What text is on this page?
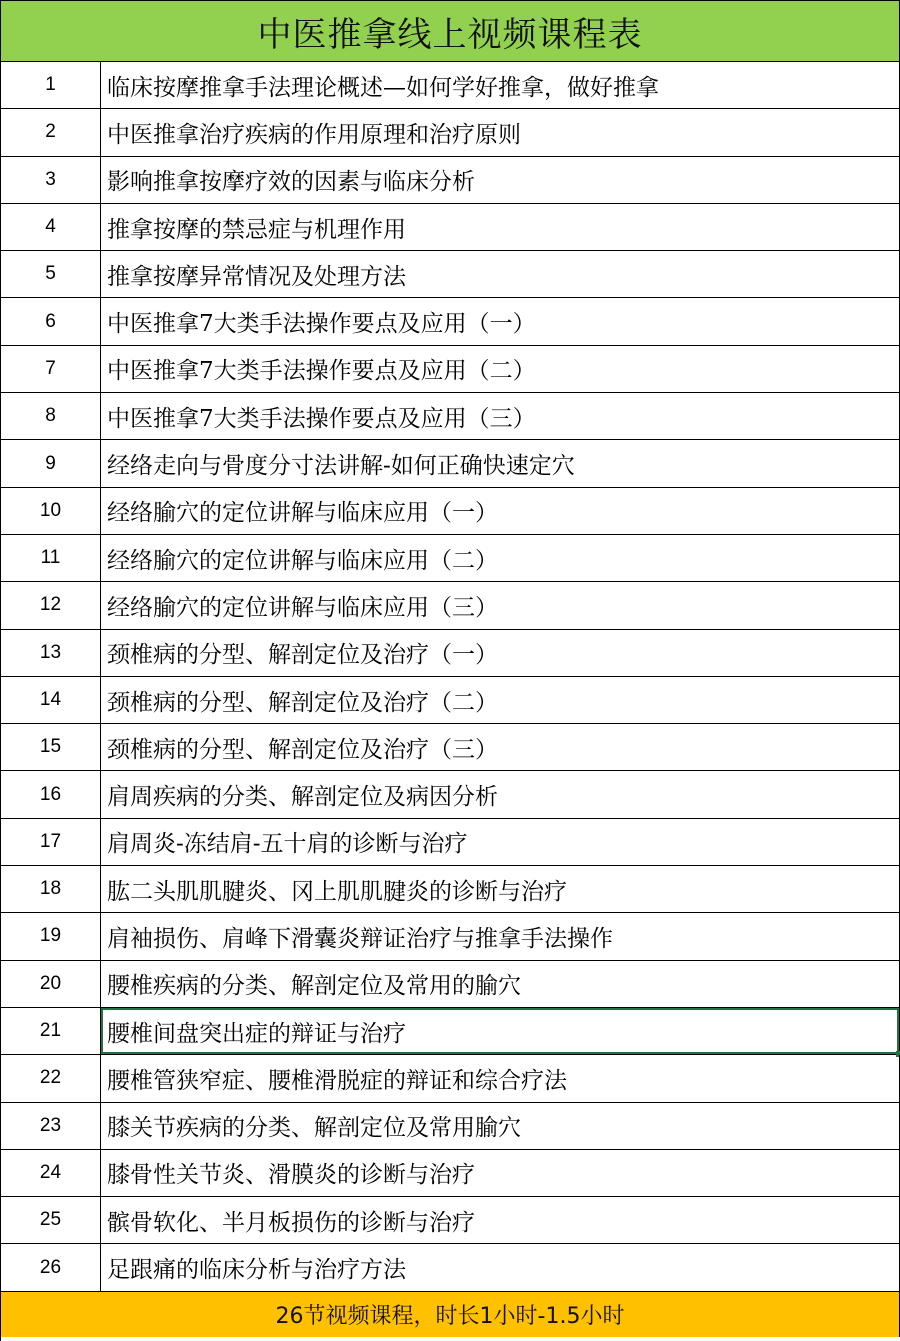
中医推拿线上视频课程表
1	临床按摩推拿手法理论概述—如何学好推拿，做好推拿
2	中医推拿治疗疾病的作用原理和治疗原则
3	影响推拿按摩疗效的因素与临床分析
4	推拿按摩的禁忌症与机理作用
5	推拿按摩异常情况及处理方法
6	中医推拿7大类手法操作要点及应用（一）
7	中医推拿7大类手法操作要点及应用（二）
8	中医推拿7大类手法操作要点及应用（三）
9	经络走向与骨度分寸法讲解-如何正确快速定穴
10	经络腧穴的定位讲解与临床应用（一）
11	经络腧穴的定位讲解与临床应用（二）
12	经络腧穴的定位讲解与临床应用（三）
13	颈椎病的分型、解剖定位及治疗（一）
14	颈椎病的分型、解剖定位及治疗（二）
15	颈椎病的分型、解剖定位及治疗（三）
16	肩周疾病的分类、解剖定位及病因分析
17	肩周炎-冻结肩-五十肩的诊断与治疗
18	肱二头肌肌腱炎、冈上肌肌腱炎的诊断与治疗
19	肩袖损伤、肩峰下滑囊炎辩证治疗与推拿手法操作
20	腰椎疾病的分类、解剖定位及常用的腧穴
21	腰椎间盘突出症的辩证与治疗
22	腰椎管狭窄症、腰椎滑脱症的辩证和综合疗法
23	膝关节疾病的分类、解剖定位及常用腧穴
24	膝骨性关节炎、滑膜炎的诊断与治疗
25	髌骨软化、半月板损伤的诊断与治疗
26	足跟痛的临床分析与治疗方法
26节视频课程，时长1小时-1.5小时
